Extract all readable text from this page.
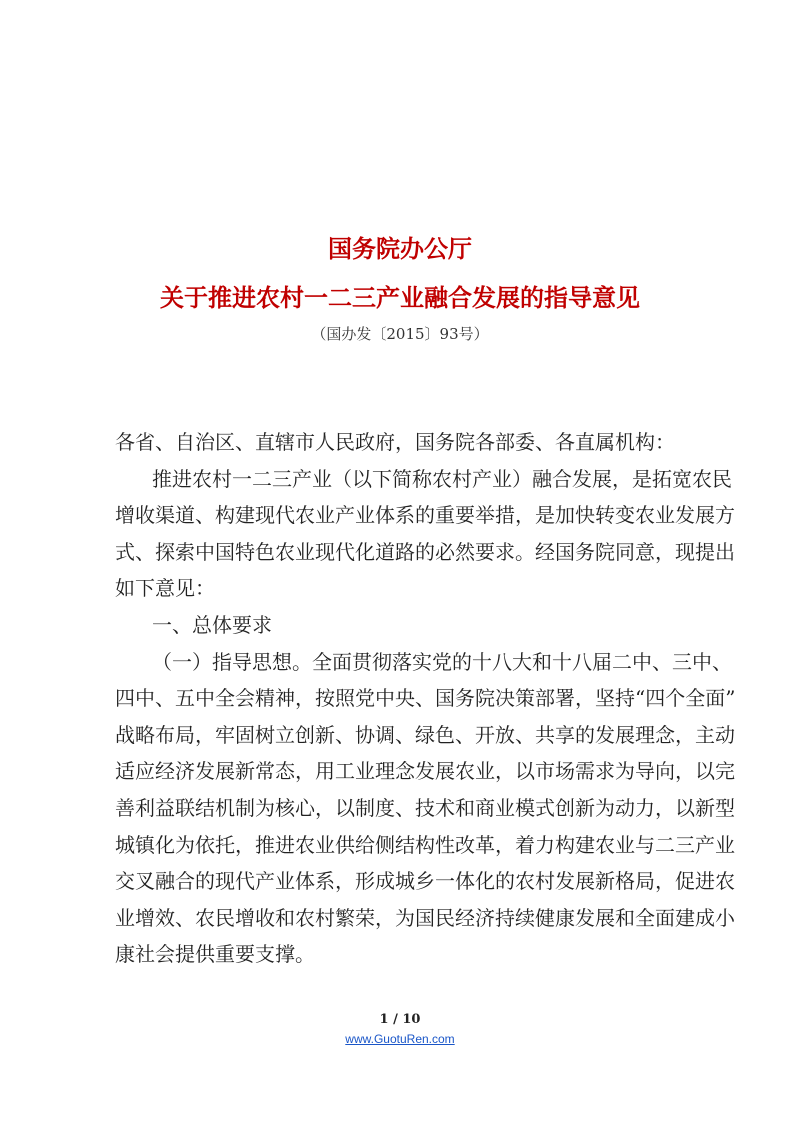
国务院办公厅
关于推进农村一二三产业融合发展的指导意见
（国办发〔2015〕93号）
各省、自治区、直辖市人民政府，国务院各部委、各直属机构：
推进农村一二三产业（以下简称农村产业）融合发展，是拓宽农民
增收渠道、构建现代农业产业体系的重要举措，是加快转变农业发展方
式、探索中国特色农业现代化道路的必然要求。经国务院同意，现提出
如下意见：
一、总体要求
（一）指导思想。全面贯彻落实党的十八大和十八届二中、三中、
四中、五中全会精神，按照党中央、国务院决策部署，坚持“四个全面”
战略布局，牢固树立创新、协调、绿色、开放、共享的发展理念，主动
适应经济发展新常态，用工业理念发展农业，以市场需求为导向，以完
善利益联结机制为核心，以制度、技术和商业模式创新为动力，以新型
城镇化为依托，推进农业供给侧结构性改革，着力构建农业与二三产业
交叉融合的现代产业体系，形成城乡一体化的农村发展新格局，促进农
业增效、农民增收和农村繁荣，为国民经济持续健康发展和全面建成小
康社会提供重要支撑。
1 / 10
www.GuotuRen.com
